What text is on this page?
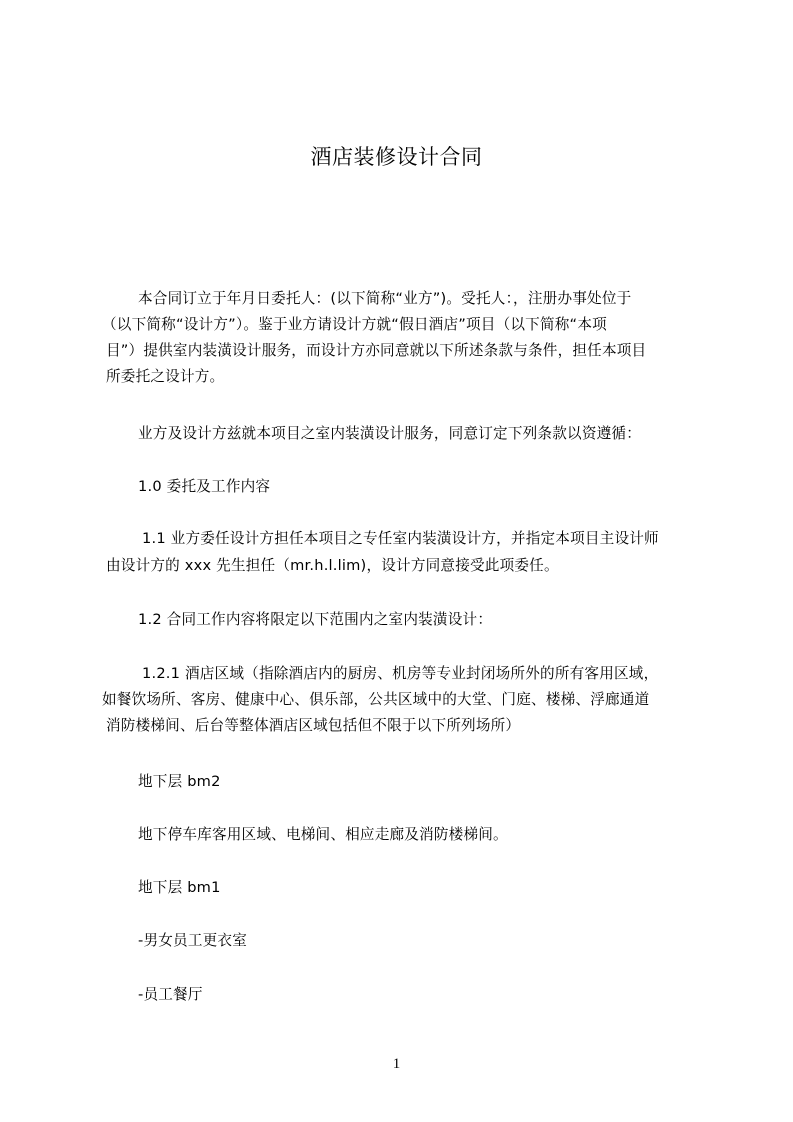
酒店装修设计合同
本合同订立于年月日委托人：(以下简称“业方”)。受托人：，注册办事处位于
（以下简称“设计方”）。鉴于业方请设计方就“假日酒店”项目（以下简称“本项
目”）提供室内装潢设计服务，而设计方亦同意就以下所述条款与条件，担任本项目
所委托之设计方。
业方及设计方兹就本项目之室内装潢设计服务，同意订定下列条款以资遵循：
1.0 委托及工作内容
1.1 业方委任设计方担任本项目之专任室内装潢设计方，并指定本项目主设计师
由设计方的 xxx 先生担任（mr.h.l.lim)，设计方同意接受此项委任。
1.2 合同工作内容将限定以下范围内之室内装潢设计：
1.2.1 酒店区域（指除酒店内的厨房、机房等专业封闭场所外的所有客用区域，
如餐饮场所、客房、健康中心、俱乐部，公共区域中的大堂、门庭、楼梯、浮廊通道
消防楼梯间、后台等整体酒店区域包括但不限于以下所列场所）
地下层 bm2
地下停车库客用区域、电梯间、相应走廊及消防楼梯间。
地下层 bm1
-男女员工更衣室
-员工餐厅
1
